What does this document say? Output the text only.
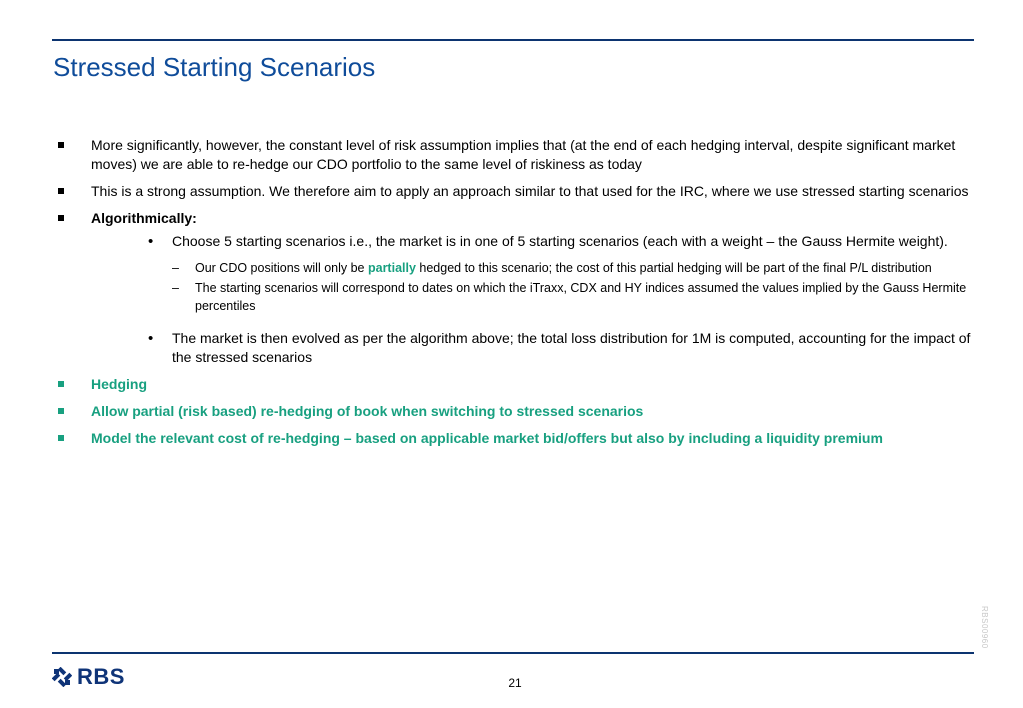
Stressed Starting Scenarios
More significantly, however, the constant level of risk assumption implies that (at the end of each hedging interval, despite significant market moves) we are able to re-hedge our CDO portfolio to the same level of riskiness as today
This is a strong assumption. We therefore aim to apply an approach similar to that used for the IRC, where we use stressed starting scenarios
Algorithmically:
• Choose 5 starting scenarios i.e., the market is in one of 5 starting scenarios (each with a weight – the Gauss Hermite weight).
– Our CDO positions will only be partially hedged to this scenario; the cost of this partial hedging will be part of the final P/L distribution
– The starting scenarios will correspond to dates on which the iTraxx, CDX and HY indices assumed the values implied by the Gauss Hermite percentiles
• The market is then evolved as per the algorithm above; the total loss distribution for 1M is computed, accounting for the impact of the stressed scenarios
Hedging
Allow partial (risk based) re-hedging of book when switching to stressed scenarios
Model the relevant cost of re-hedging – based on applicable market bid/offers but also by including a liquidity premium
RBS00960
RBS	21
